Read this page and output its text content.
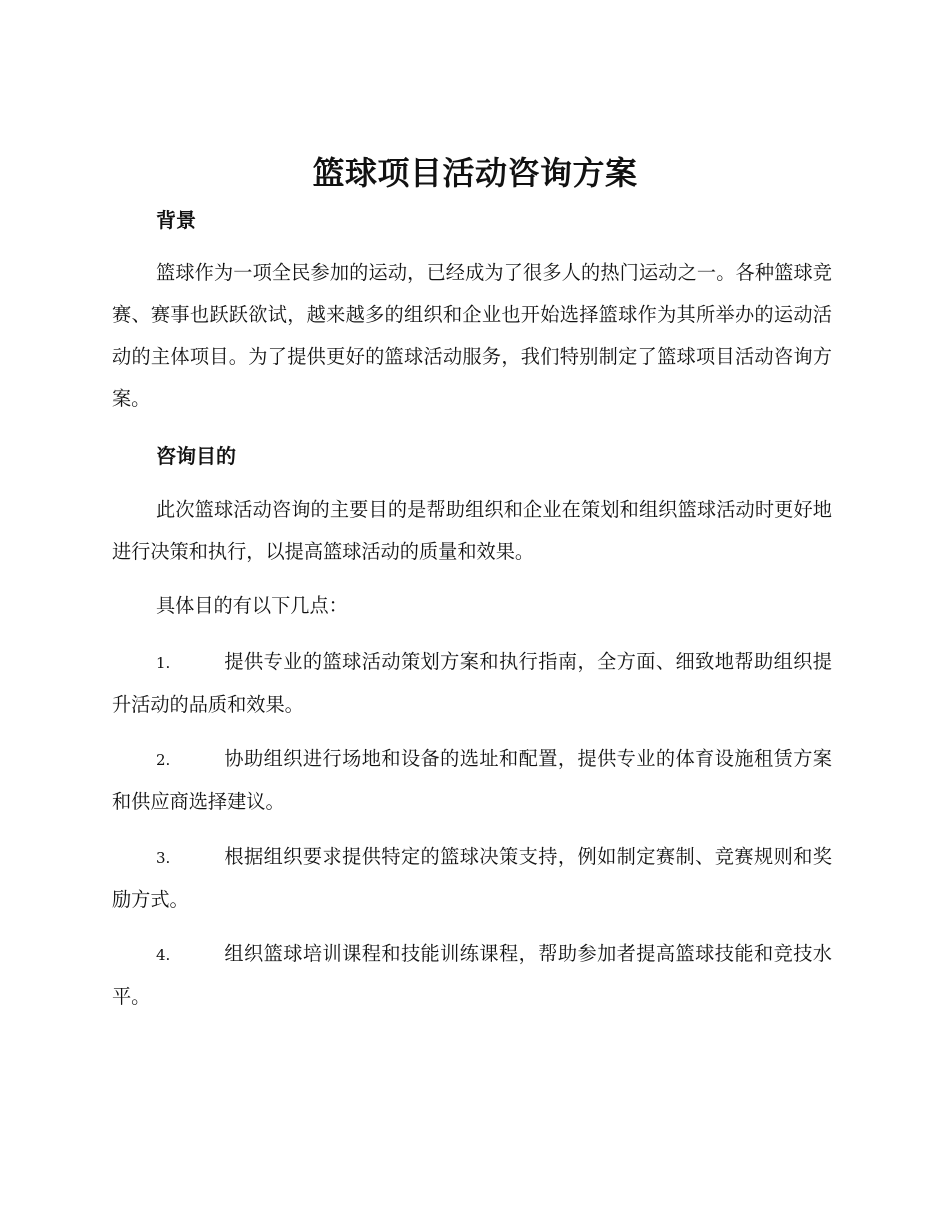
篮球项目活动咨询方案
背景

篮球作为一项全民参加的运动，已经成为了很多人的热门运动之一。各种篮球竞赛、赛事也跃跃欲试，越来越多的组织和企业也开始选择篮球作为其所举办的运动活动的主体项目。为了提供更好的篮球活动服务，我们特别制定了篮球项目活动咨询方案。

咨询目的

此次篮球活动咨询的主要目的是帮助组织和企业在策划和组织篮球活动时更好地进行决策和执行，以提高篮球活动的质量和效果。

具体目的有以下几点：

1.	提供专业的篮球活动策划方案和执行指南，全方面、细致地帮助组织提升活动的品质和效果。

2.	协助组织进行场地和设备的选址和配置，提供专业的体育设施租赁方案和供应商选择建议。

3.	根据组织要求提供特定的篮球决策支持，例如制定赛制、竞赛规则和奖励方式。

4.	组织篮球培训课程和技能训练课程，帮助参加者提高篮球技能和竞技水平。
